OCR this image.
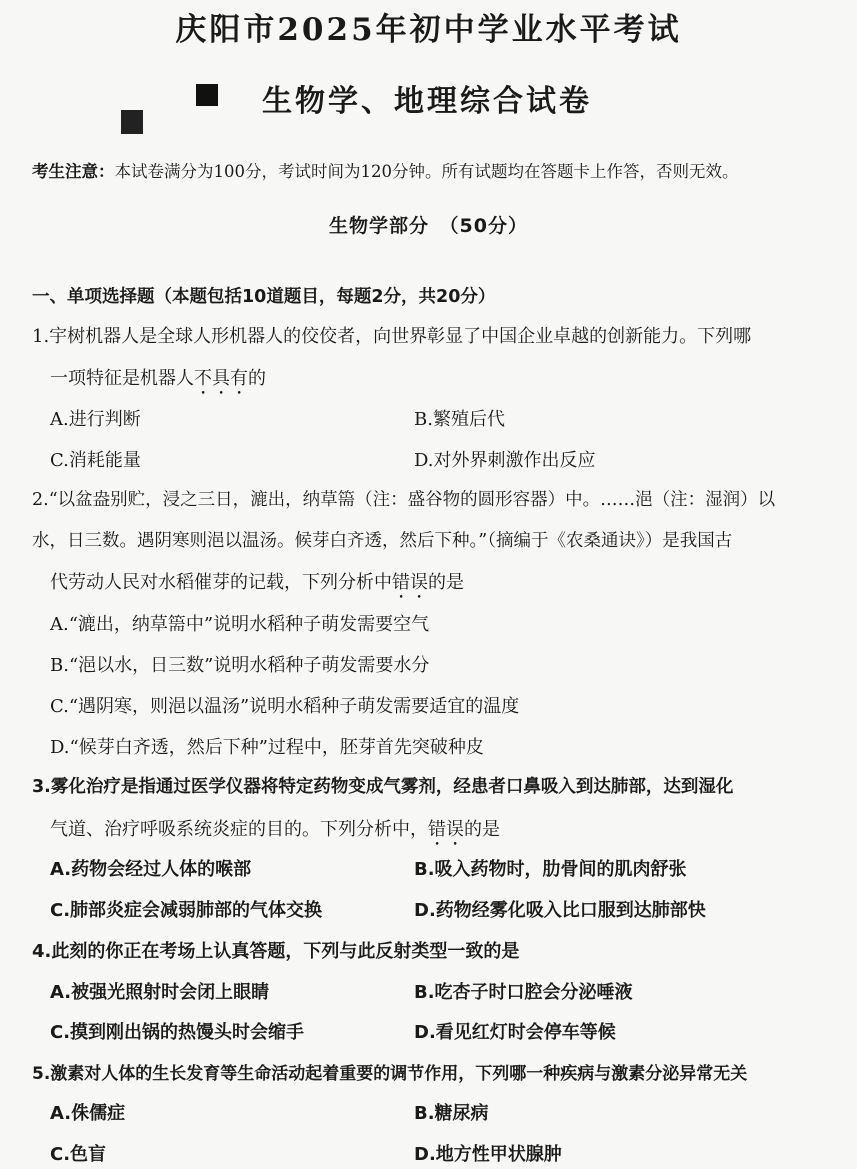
庆阳市2025年初中学业水平考试
生物学、地理综合试卷
考生注意：本试卷满分为100分，考试时间为120分钟。所有试题均在答题卡上作答，否则无效。
生物学部分　（50分）
一、单项选择题（本题包括10道题目，每题2分，共20分）
1.宇树机器人是全球人形机器人的佼佼者，向世界彰显了中国企业卓越的创新能力。下列哪
一项特征是机器人不具有的
A.进行判断	B.繁殖后代
C.消耗能量	D.对外界刺激作出反应
2.“以盆盎别贮，浸之三日，漉出，纳草篅（注：盛谷物的圆形容器）中。……浥（注：湿润）以
水，日三数。遇阴寒则浥以温汤。候芽白齐透，然后下种。”（摘编于《农桑通诀》）是我国古
代劳动人民对水稻催芽的记载，下列分析中错误的是
A.“漉出，纳草篅中”说明水稻种子萌发需要空气
B.“浥以水，日三数”说明水稻种子萌发需要水分
C.“遇阴寒，则浥以温汤”说明水稻种子萌发需要适宜的温度
D.“候芽白齐透，然后下种”过程中，胚芽首先突破种皮
3.雾化治疗是指通过医学仪器将特定药物变成气雾剂，经患者口鼻吸入到达肺部，达到湿化
气道、治疗呼吸系统炎症的目的。下列分析中，错误的是
A.药物会经过人体的喉部	B.吸入药物时，肋骨间的肌肉舒张
C.肺部炎症会减弱肺部的气体交换	D.药物经雾化吸入比口服到达肺部快
4.此刻的你正在考场上认真答题，下列与此反射类型一致的是
A.被强光照射时会闭上眼睛	B.吃杏子时口腔会分泌唾液
C.摸到刚出锅的热馒头时会缩手	D.看见红灯时会停车等候
5.激素对人体的生长发育等生命活动起着重要的调节作用，下列哪一种疾病与激素分泌异常无关
A.侏儒症	B.糖尿病
C.色盲	D.地方性甲状腺肿
